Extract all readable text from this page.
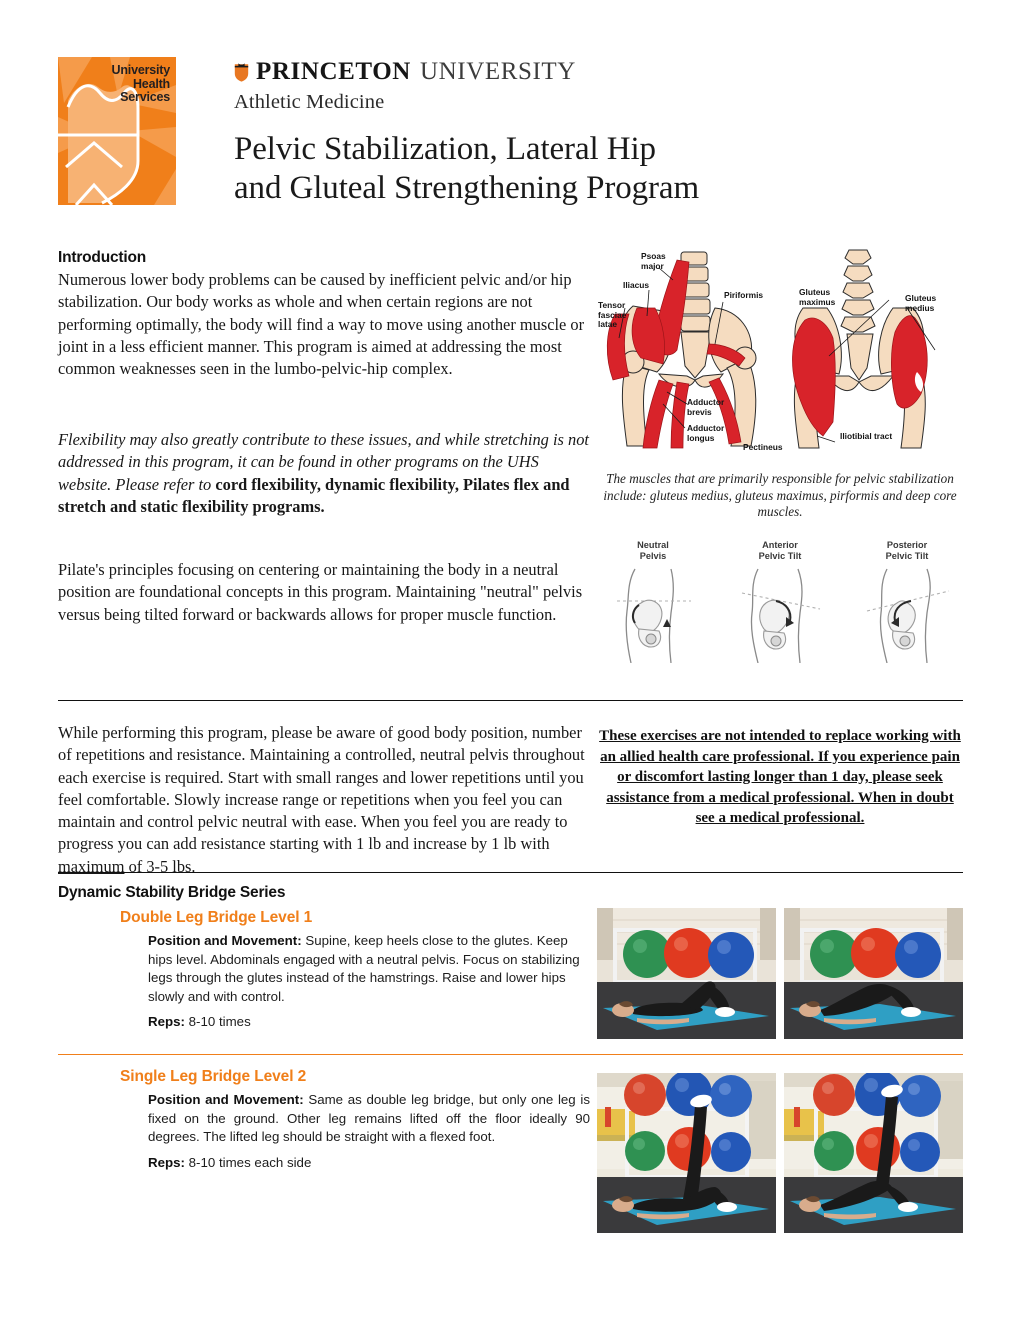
University
Health
Services
PRINCETON UNIVERSITY
Athletic Medicine
Pelvic Stabilization, Lateral Hip
and Gluteal Strengthening Program
Introduction

Numerous lower body problems can be caused by inefficient pelvic and/or hip stabilization. Our body works as whole and when certain regions are not performing optimally, the body will find a way to move using another muscle or joint in a less efficient manner. This program is aimed at addressing the most common weaknesses seen in the lumbo-pelvic-hip complex.

Flexibility may also greatly contribute to these issues, and while stretching is not addressed in this program, it can be found in other programs on the UHS website. Please refer to cord flexibility, dynamic flexibility, Pilates flex and stretch and static flexibility programs.

Pilate's principles focusing on centering or maintaining the body in a neutral position are foundational concepts in this program. Maintaining "neutral" pelvis versus being tilted forward or backwards allows for proper muscle function.

Psoas
major
Iliacus
Tensor
fasciae
latae
Piriformis
Adductor
brevis
Adductor
longus
Pectineus
Gluteus
maximus	Gluteus
medius
Iliotibial tract

The muscles that are primarily responsible for pelvic stabilization include: gluteus medius, gluteus maximus, pirformis and deep core muscles.

Neutral
Pelvis
Anterior
Pelvic Tilt
Posterior
Pelvic Tilt

While performing this program, please be aware of good body position, number of repetitions and resistance. Maintaining a controlled, neutral pelvis throughout each exercise is required. Start with small ranges and lower repetitions until you feel comfortable. Slowly increase range or repetitions when you feel you can maintain and control pelvic neutral with ease. When you feel you are ready to progress you can add resistance starting with 1 lb and increase by 1 lb with maximum of 3-5 lbs.

These exercises are not intended to replace working with an allied health care professional. If you experience pain or discomfort lasting longer than 1 day, please seek assistance from a medical professional. When in doubt see a medical professional.

Dynamic Stability Bridge Series
Double Leg Bridge Level 1

Position and Movement: Supine, keep heels close to the glutes. Keep hips level. Abdominals engaged with a neutral pelvis. Focus on stabilizing legs through the glutes instead of the hamstrings. Raise and lower hips slowly and with control.

Reps: 8-10 times

Single Leg Bridge Level 2

Position and Movement: Same as double leg bridge, but only one leg is fixed on the ground. Other leg remains lifted off the floor ideally 90 degrees. The lifted leg should be straight with a flexed foot.

Reps: 8-10 times each side
